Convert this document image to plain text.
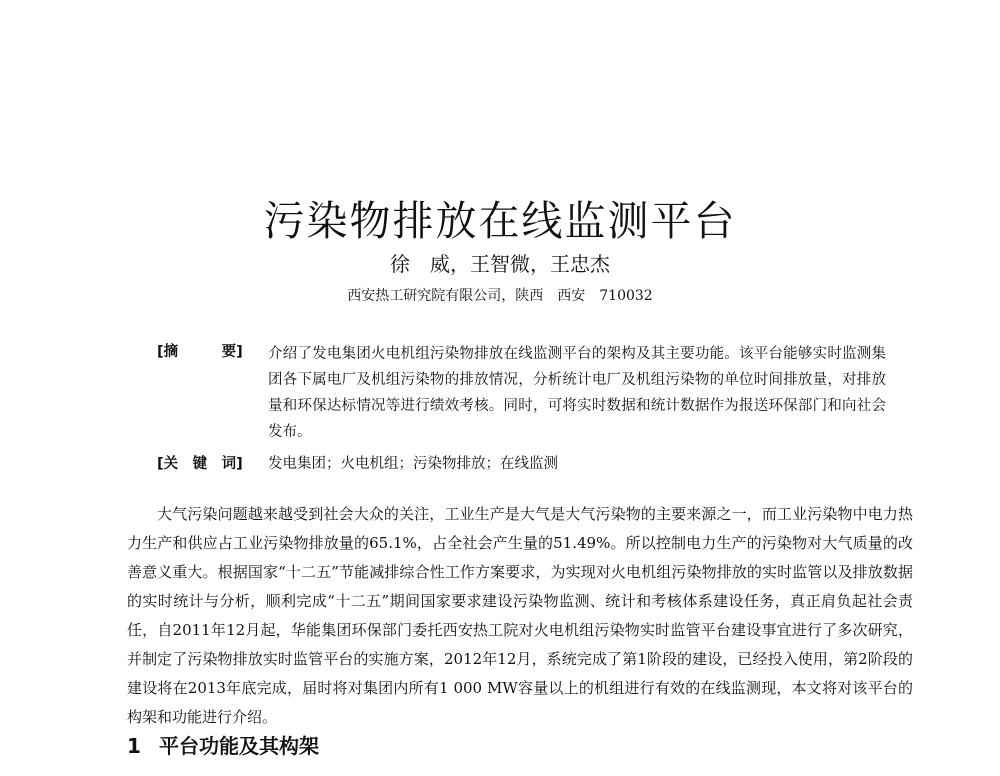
污染物排放在线监测平台
徐　威，王智微，王忠杰
西安热工研究院有限公司，陕西　西安　710032
[摘　　　要]	介绍了发电集团火电机组污染物排放在线监测平台的架构及其主要功能。该平台能够实时监测集团各下属电厂及机组污染物的排放情况，分析统计电厂及机组污染物的单位时间排放量，对排放量和环保达标情况等进行绩效考核。同时，可将实时数据和统计数据作为报送环保部门和向社会发布。
[关　键　词] 发电集团；火电机组；污染物排放；在线监测

大气污染问题越来越受到社会大众的关注，工业生产是大气是大气污染物的主要来源之一，而工业污染物中电力热力生产和供应占工业污染物排放量的65.1%，占全社会产生量的51.49%。所以控制电力生产的污染物对大气质量的改善意义重大。根据国家“十二五”节能减排综合性工作方案要求，为实现对火电机组污染物排放的实时监管以及排放数据的实时统计与分析，顺利完成“十二五”期间国家要求建设污染物监测、统计和考核体系建设任务，真正肩负起社会责任，自2011年12月起，华能集团环保部门委托西安热工院对火电机组污染物实时监管平台建设事宜进行了多次研究，并制定了污染物排放实时监管平台的实施方案，2012年12月，系统完成了第1阶段的建设，已经投入使用，第2阶段的建设将在2013年底完成，届时将对集团内所有1 000 MW容量以上的机组进行有效的在线监测现，本文将对该平台的构架和功能进行介绍。

1 平台功能及其构架
